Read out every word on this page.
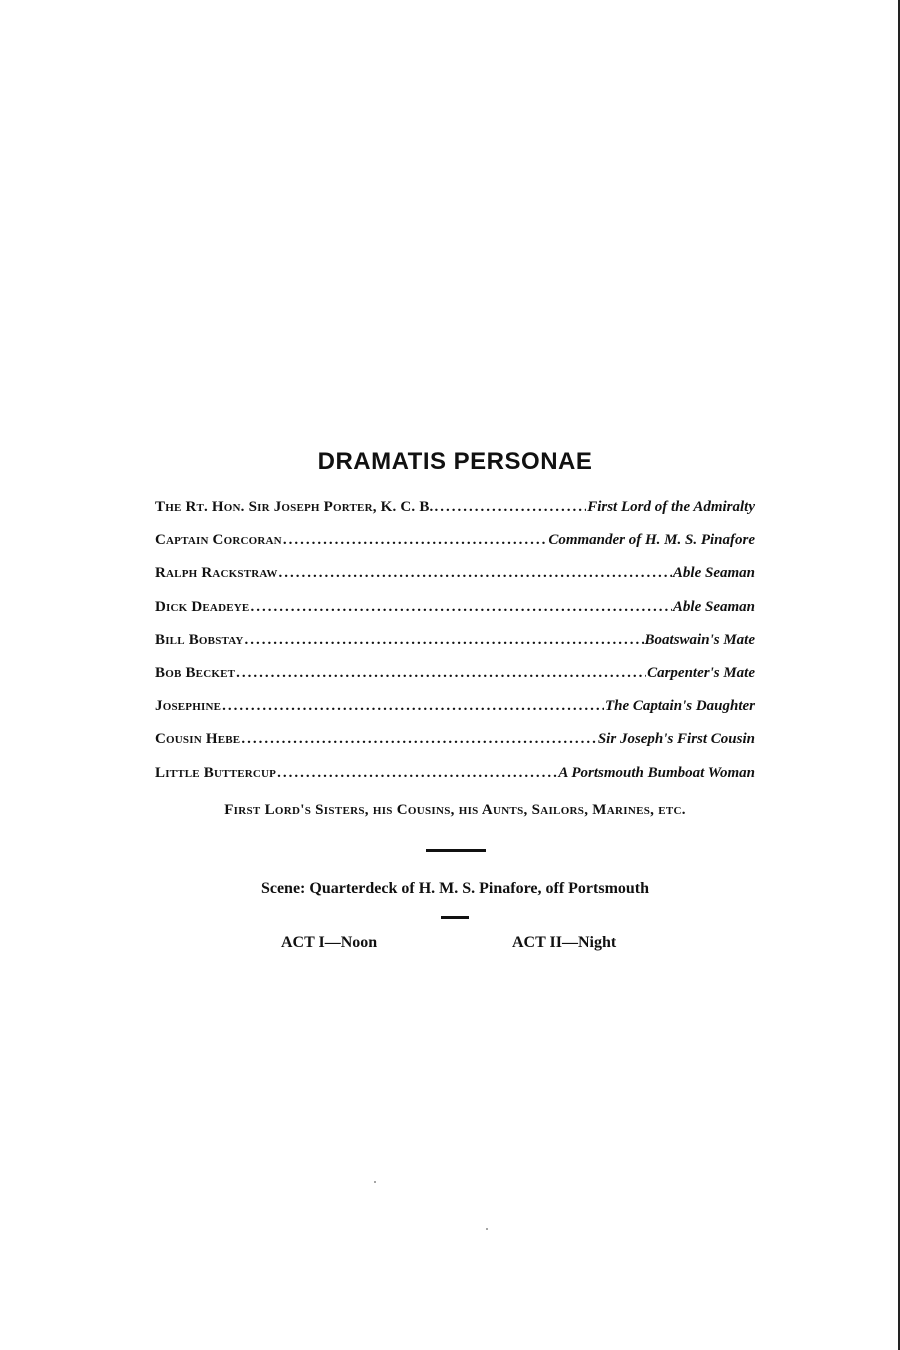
DRAMATIS PERSONAE
The Rt. Hon. Sir Joseph Porter, K. C. B. .....	First Lord of the Admiralty
Captain Corcoran .....	Commander of H. M. S. Pinafore
Ralph Rackstraw .....	Able Seaman
Dick Deadeye .....	Able Seaman
Bill Bobstay .....	Boatswain's Mate
Bob Becket .....	Carpenter's Mate
Josephine .....	The Captain's Daughter
Cousin Hebe .....	Sir Joseph's First Cousin
Little Buttercup .....	A Portsmouth Bumboat Woman
First Lord's Sisters, his Cousins, his Aunts, Sailors, Marines, etc.
Scene: Quarterdeck of H. M. S. Pinafore, off Portsmouth
ACT I—Noon	ACT II—Night
